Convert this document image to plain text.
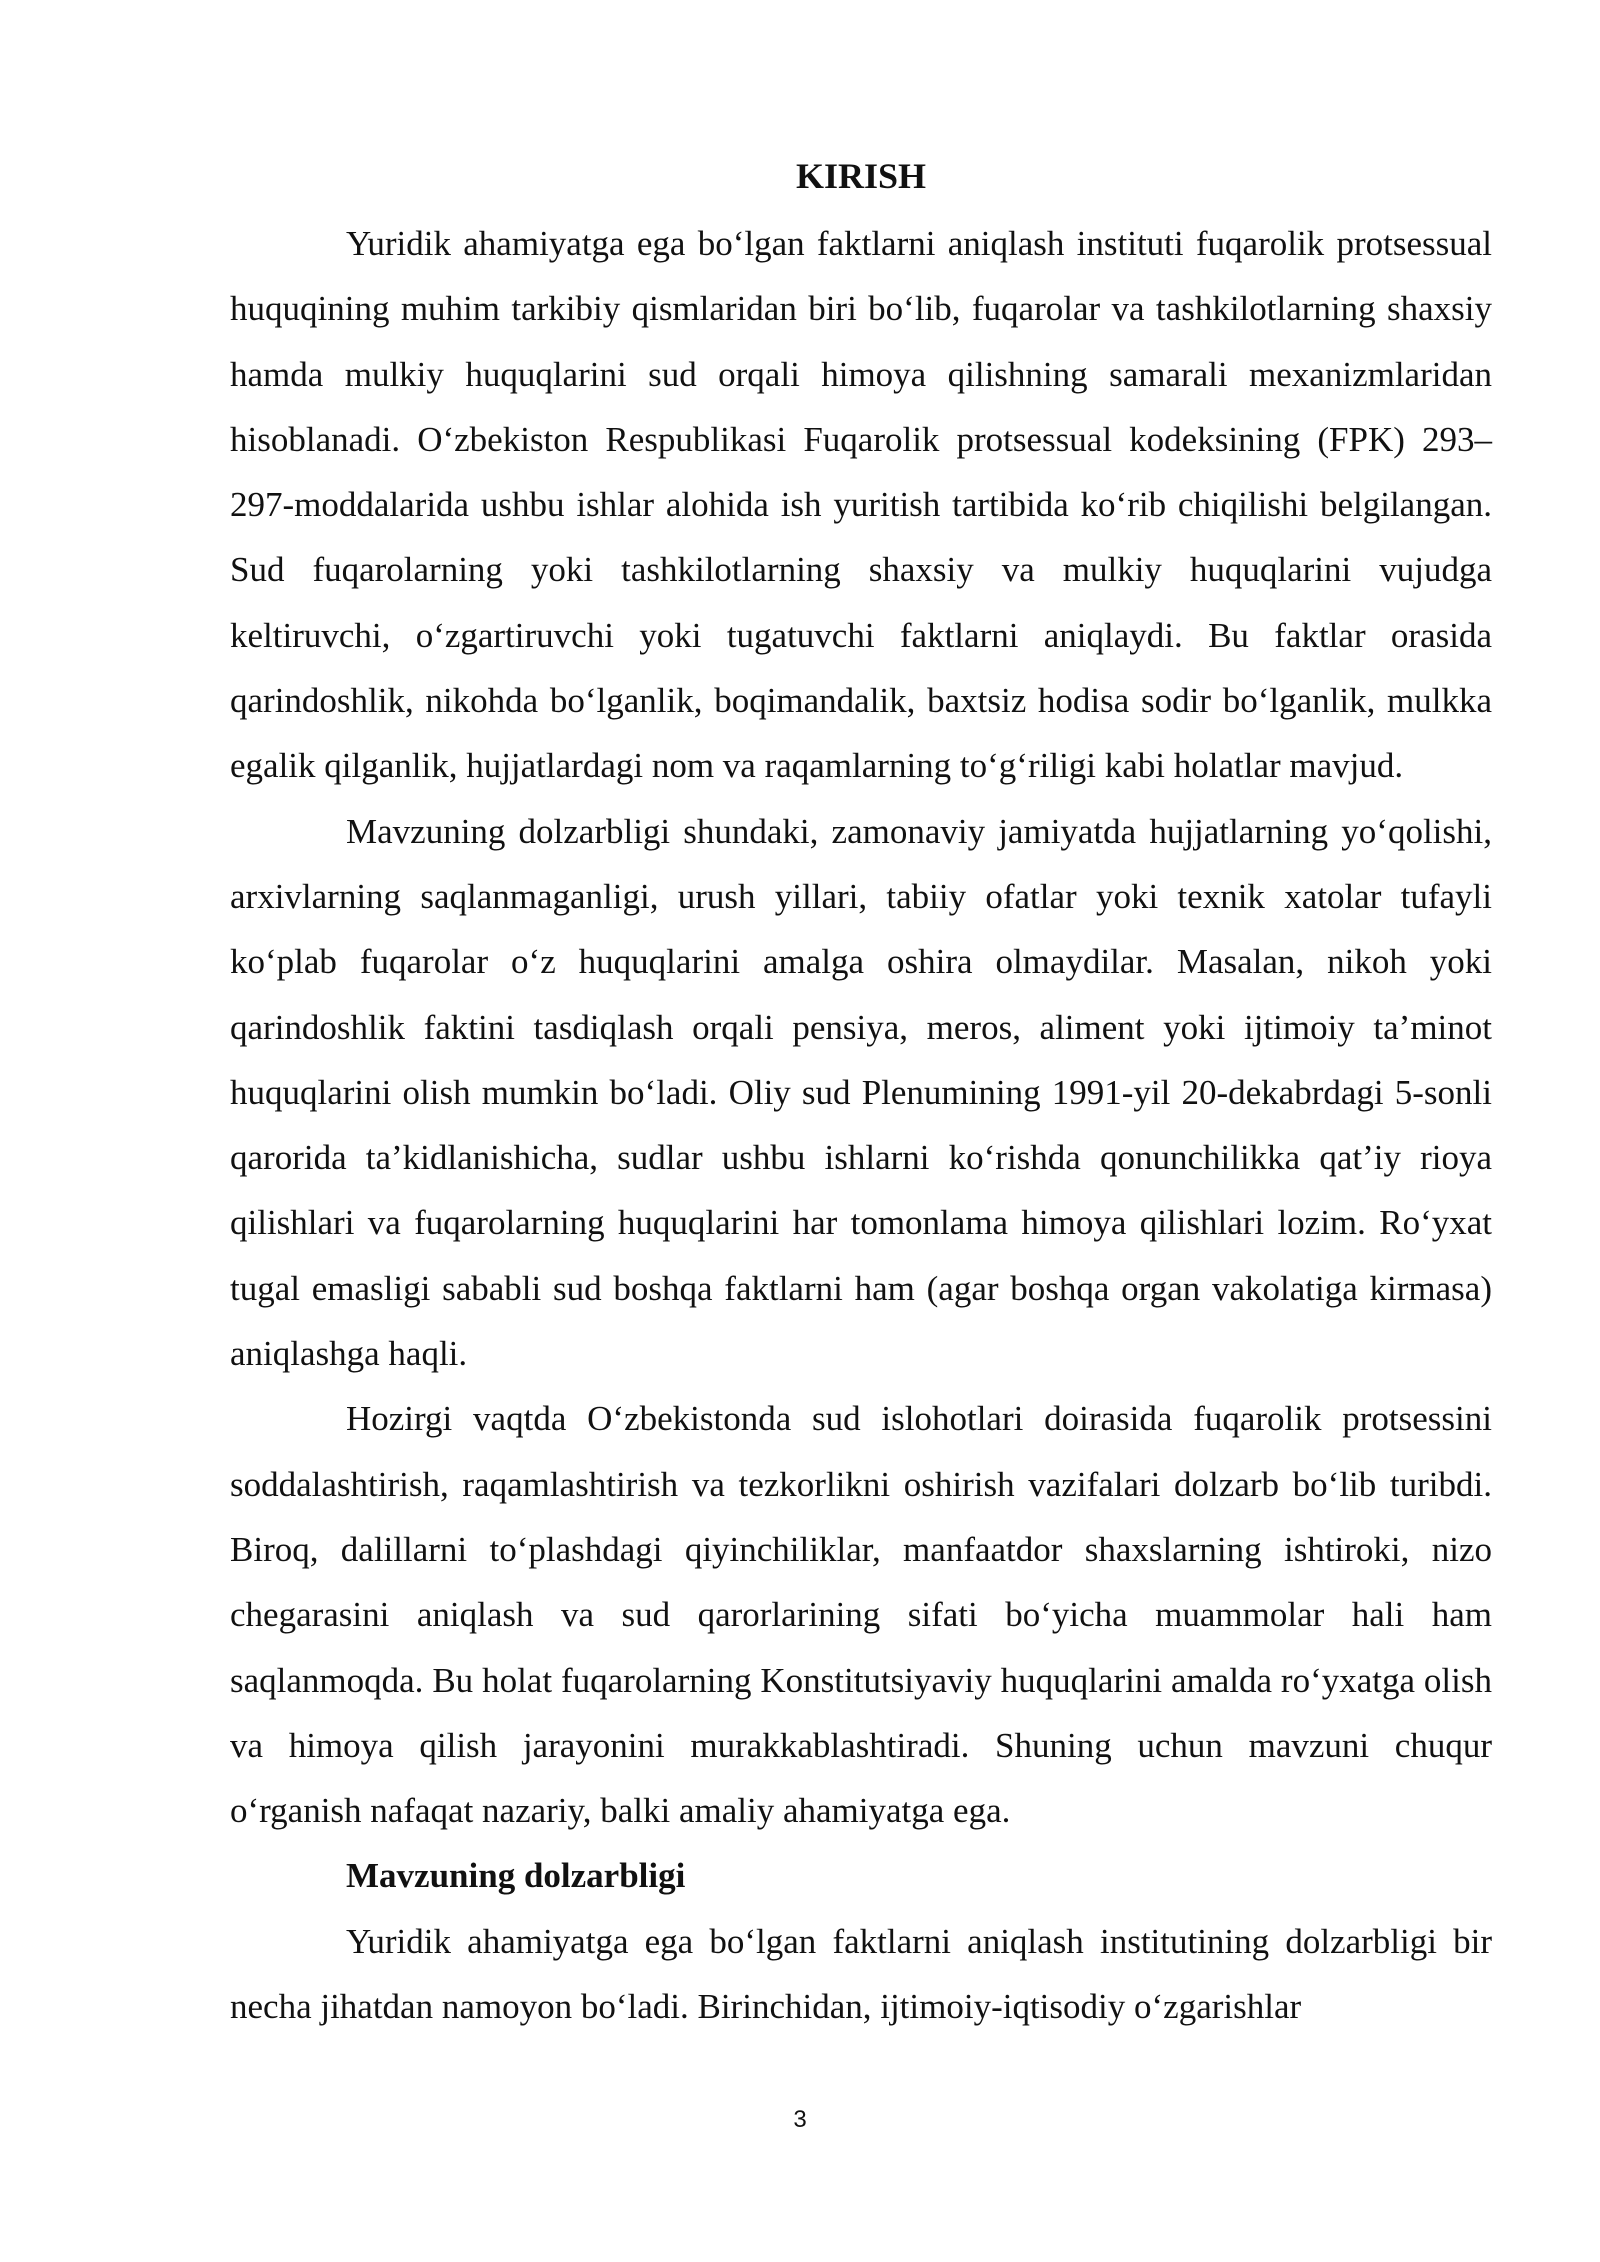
KIRISH

Yuridik ahamiyatga ega bo‘lgan faktlarni aniqlash instituti fuqarolik protsessual huquqining muhim tarkibiy qismlaridan biri bo‘lib, fuqarolar va tashkilotlarning shaxsiy hamda mulkiy huquqlarini sud orqali himoya qilishning samarali mexanizmlaridan hisoblanadi. O‘zbekiston Respublikasi Fuqarolik protsessual kodeksining (FPK) 293–297-moddalarida ushbu ishlar alohida ish yuritish tartibida ko‘rib chiqilishi belgilangan. Sud fuqarolarning yoki tashkilotlarning shaxsiy va mulkiy huquqlarini vujudga keltiruvchi, o‘zgartiruvchi yoki tugatuvchi faktlarni aniqlaydi. Bu faktlar orasida qarindoshlik, nikohda bo‘lganlik, boqimandalik, baxtsiz hodisa sodir bo‘lganlik, mulkka egalik qilganlik, hujjatlardagi nom va raqamlarning to‘g‘riligi kabi holatlar mavjud.

Mavzuning dolzarbligi shundaki, zamonaviy jamiyatda hujjatlarning yo‘qolishi, arxivlarning saqlanmaganligi, urush yillari, tabiiy ofatlar yoki texnik xatolar tufayli ko‘plab fuqarolar o‘z huquqlarini amalga oshira olmaydilar. Masalan, nikoh yoki qarindoshlik faktini tasdiqlash orqali pensiya, meros, aliment yoki ijtimoiy ta’minot huquqlarini olish mumkin bo‘ladi. Oliy sud Plenumining 1991-yil 20-dekabrdagi 5-sonli qarorida ta’kidlanishicha, sudlar ushbu ishlarni ko‘rishda qonunchilikka qat’iy rioya qilishlari va fuqarolarning huquqlarini har tomonlama himoya qilishlari lozim. Ro‘yxat tugal emasligi sababli sud boshqa faktlarni ham (agar boshqa organ vakolatiga kirmasa) aniqlashga haqli.

Hozirgi vaqtda O‘zbekistonda sud islohotlari doirasida fuqarolik protsessini soddalashtirish, raqamlashtirish va tezkorlikni oshirish vazifalari dolzarb bo‘lib turibdi. Biroq, dalillarni to‘plashdagi qiyinchiliklar, manfaatdor shaxslarning ishtiroki, nizo chegarasini aniqlash va sud qarorlarining sifati bo‘yicha muammolar hali ham saqlanmoqda. Bu holat fuqarolarning Konstitutsiyaviy huquqlarini amalda ro‘yxatga olish va himoya qilish jarayonini murakkablashtiradi. Shuning uchun mavzuni chuqur o‘rganish nafaqat nazariy, balki amaliy ahamiyatga ega.

Mavzuning dolzarbligi

Yuridik ahamiyatga ega bo‘lgan faktlarni aniqlash institutining dolzarbligi bir necha jihatdan namoyon bo‘ladi. Birinchidan, ijtimoiy-iqtisodiy o‘zgarishlar

3
